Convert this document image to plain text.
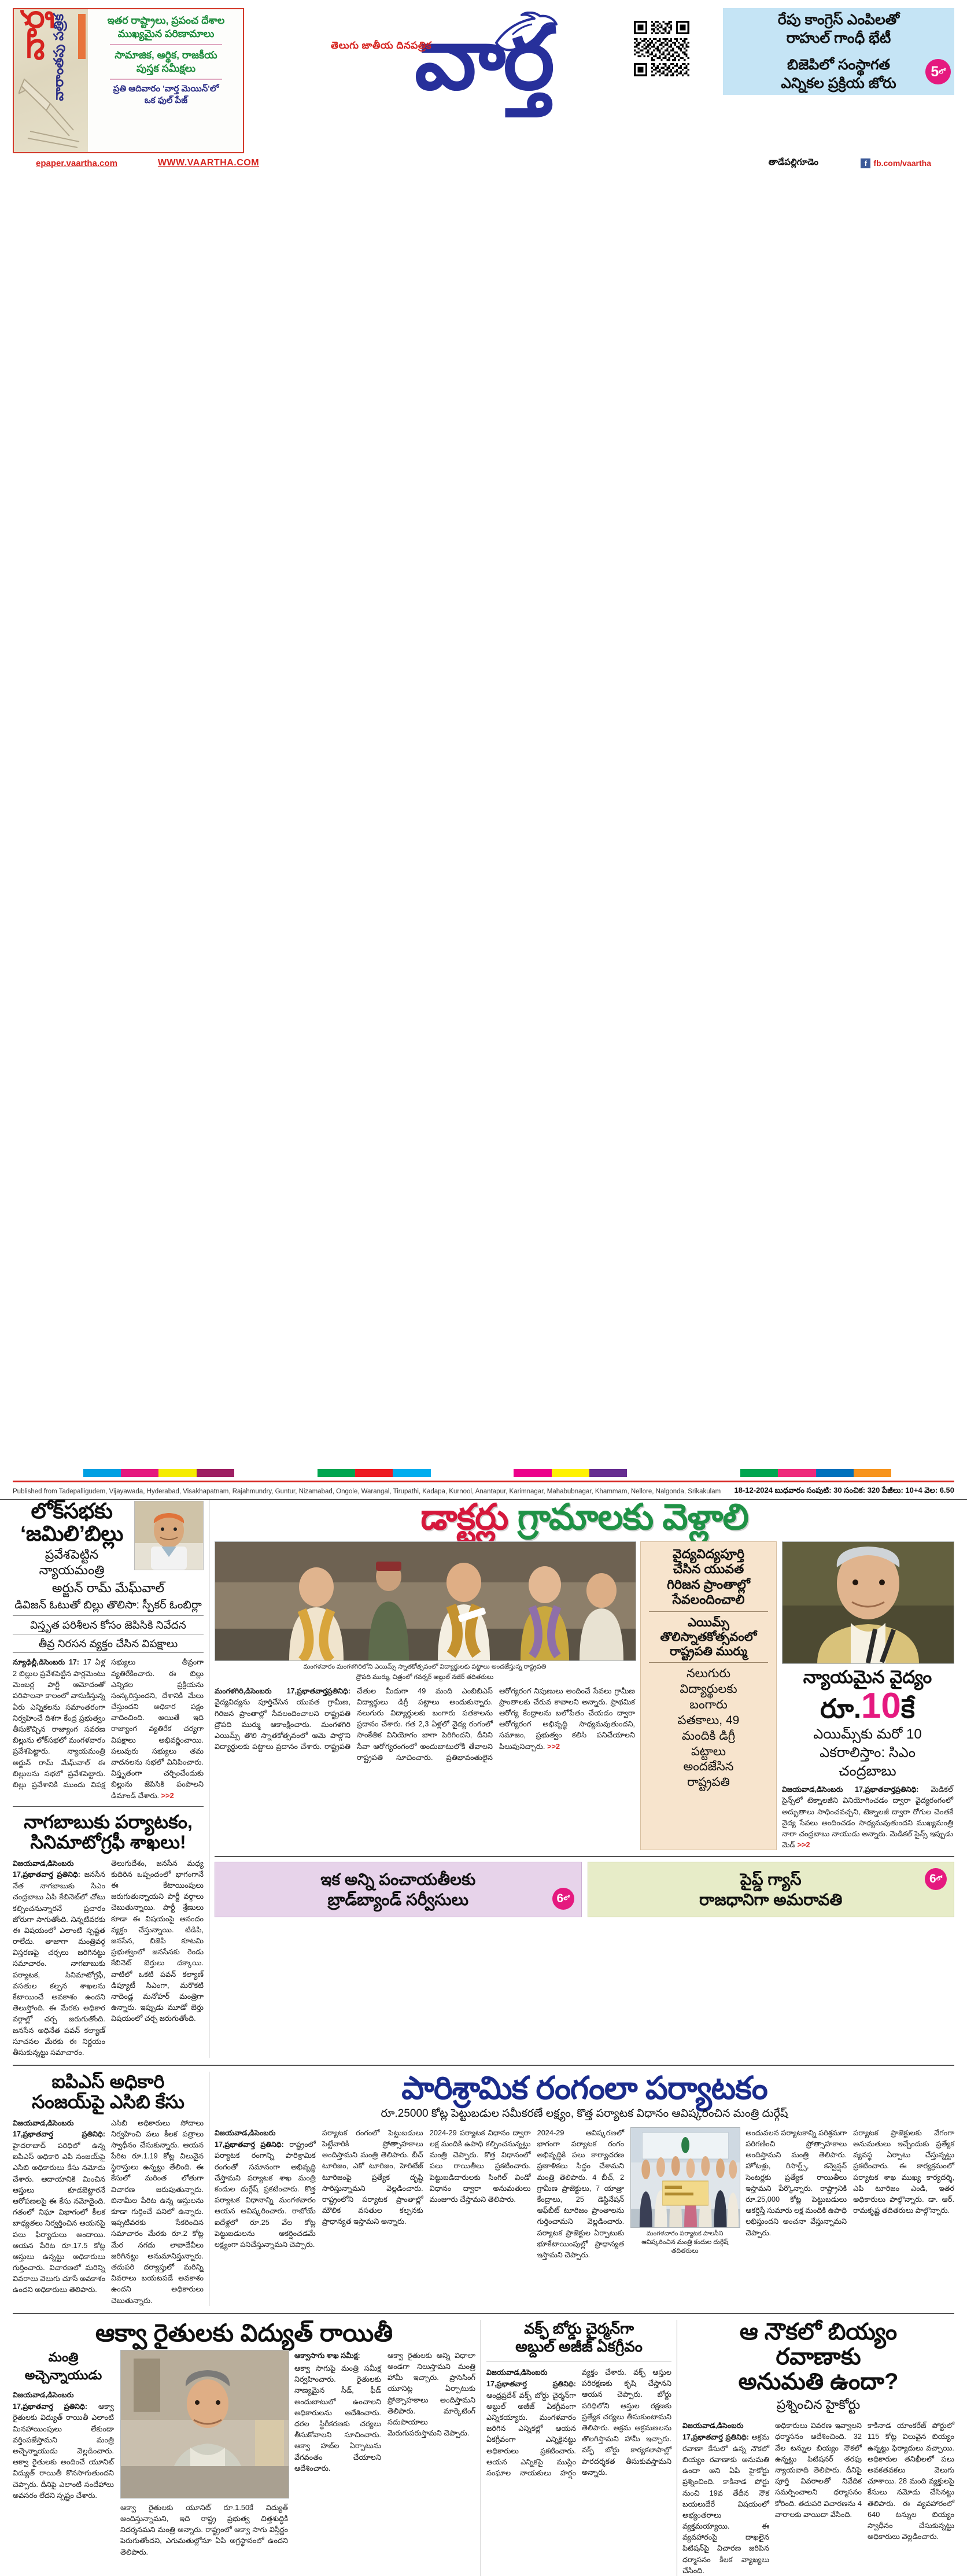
వార్త వారాంతపు పత్రిక	ఇతర రాష్ట్రాలు, ప్రపంచ దేశాల
ముఖ్యమైన పరిణామాలు
సామాజిక, ఆర్థిక, రాజకీయ
పుస్తక సమీక్షలు
ప్రతి ఆదివారం 'వార్త మెయిన్'లో
ఒక ఫుల్ పేజ్
తెలుగు జాతీయ దినపత్రిక
వార్త	రేపు కాంగ్రెస్ ఎంపిలతో
రాహుల్ గాంధీ భేటీ
బిజెపిలో సంస్థాగత
ఎన్నికల ప్రక్రియ జోరు
5 లో
epaper.vaartha.com	WWW.VAARTHA.COM	తాడేపల్లిగూడెం	f fb.com/vaartha
Published from Tadepalligudem, Vijayawada, Hyderabad, Visakhapatnam, Rajahmundry, Guntur, Nizamabad, Ongole, Warangal, Tirupathi, Kadapa, Kurnool, Anantapur, Karimnagar, Mahabubnagar, Khammam, Nellore, Nalgonda, Srikakulam 18-12-2024 బుధవారం సంపుటి: 30 సంచిక: 320 పేజీలు: 10+4 వెల: 6.50
లోక్‌సభకు
‘జమిలి’బిల్లు
ప్రవేశపెట్టిన న్యాయమంత్రి
అర్జున్ రామ్ మేఘ్‌వాల్
డివిజన్ ఓటుతో బిల్లు తొలిసా: స్పీకర్ ఓంబిర్లా
విస్తృత పరిశీలన కోసం జెపిసికి నివేదన
తీవ్ర నిరసన వ్యక్తం చేసిన విపక్షాలు
న్యూఢిల్లీ,డిసెంబరు 17: 17 ఏళ్ల 2 బిల్లుల ప్రవేశపెట్టిన పార్లమెంటు మెంబర్ల పార్టీ ఆమోదంతో పరిపాలనా కాలంలో వాసుకిస్తున్న ఏరు ఎన్నికలను సమాంతరంగా నిర్వహించే దిశగా కేంద్ర ప్రభుత్వం తీసుకొచ్చిన రాజ్యాంగ సవరణ బిల్లును లోక్‌సభలో మంగళవారం ప్రవేశపెట్టారు. న్యాయమంత్రి అర్జున్ రామ్ మేఘ్‌వాల్ ఈ బిల్లులను సభలో ప్రవేశపెట్టారు. బిల్లు ప్రవేశానికి ముందు విపక్ష సభ్యులు తీవ్రంగా వ్యతిరేకించారు. ఈ బిల్లు ఎన్నికల ప్రక్రియను సంస్కరిస్తుందని, దేశానికి మేలు చేస్తుందని అధికార పక్షం వాదించింది. అయితే ఇది రాజ్యాంగ వ్యతిరేక చర్యగా విపక్షాలు అభివర్ణించాయి. పలువురు సభ్యులు తమ వాదనలను సభలో వినిపించారు. విస్తృతంగా చర్చించేందుకు బిల్లును జెపిసికి పంపాలని డిమాండ్ చేశారు. >>2
నాగబాబుకు పర్యాటకం,
సినిమాటోగ్రఫీ శాఖలు!
విజయవాడ,డిసెంబరు 17,ప్రభాతవార్త ప్రతినిధి: జనసేన నేత నాగబాబుకు సిఎం చంద్రబాబు ఏపి కేబినెట్‌లో చోటు కల్పించనున్నారనే ప్రచారం జోరుగా సాగుతోంది. నిన్నటివరకు ఈ విషయంలో ఎలాంటి స్పష్టత రాలేదు. తాజాగా మంత్రివర్గ విస్తరణపై చర్చలు జరిగినట్టు సమాచారం. నాగబాబుకు పర్యాటక, సినిమాటోగ్రఫీ, వసతుల కల్పన శాఖలను కేటాయించే అవకాశం ఉందని తెలుస్తోంది. ఈ మేరకు అధికార వర్గాల్లో చర్చ జరుగుతోంది. జనసేన అధినేత పవన్ కల్యాణ్ సూచనల మేరకు ఈ నిర్ణయం తీసుకున్నట్టు సమాచారం.
తెలుగుదేశం, జనసేన మధ్య కుదిరిన ఒప్పందంలో భాగంగానే ఈ కేటాయింపులు జరుగుతున్నాయని పార్టీ వర్గాలు చెబుతున్నాయి. పార్టీ శ్రేణులు కూడా ఈ విషయంపై ఆనందం వ్యక్తం చేస్తున్నాయి. టిడిపి, జనసేన, బిజెపి కూటమి ప్రభుత్వంలో జనసేనకు రెండు కేబినెట్ బెర్తులు దక్కాయి. వాటిలో ఒకటి పవన్ కల్యాణ్ డిప్యూటీ సిఎంగా, మరొకటి నాదెండ్ల మనోహర్ మంత్రిగా ఉన్నారు. ఇప్పుడు మూడో బెర్తు విషయంలో చర్చ జరుగుతోంది.
డాక్టర్లు గ్రామాలకు వెళ్లాలి
మంగళవారం మంగళగిరిలోని ఎయిమ్స్ స్నాతకోత్సవంలో విద్యార్థులకు పట్టాలు అందజేస్తున్న రాష్ట్రపతి
ద్రౌపది ముర్ము, చిత్రంలో గవర్నర్ అబ్దుల్ నజీర్ తదితరులు
మంగళగిరి,డిసెంబరు 17,ప్రభాతవార్తప్రతినిధి: వైద్యవిద్యను పూర్తిచేసిన యువత గ్రామీణ, గిరిజన ప్రాంతాల్లో సేవలందించాలని రాష్ట్రపతి ద్రౌపది ముర్ము ఆకాంక్షించారు. మంగళగిరి ఎయిమ్స్ తొలి స్నాతకోత్సవంలో ఆమె పాల్గొని విద్యార్థులకు పట్టాలు ప్రదానం చేశారు. రాష్ట్రపతి చేతుల మీదుగా 49 మంది ఎంబిబిఎస్ విద్యార్థులు డిగ్రీ పట్టాలు అందుకున్నారు. నలుగురు విద్యార్థులకు బంగారు పతకాలను ప్రదానం చేశారు. గత 2,3 ఏళ్లలో వైద్య రంగంలో సాంకేతిక వినియోగం బాగా పెరిగిందని, దీనిని సేవా ఆరోగ్యరంగంలో అందుబాటులోకి తేవాలని రాష్ట్రపతి సూచించారు. ప్రతిభావంతులైన ఆరోగ్యరంగ నిపుణులు అందించే సేవలు గ్రామీణ ప్రాంతాలకు చేరువ కావాలని అన్నారు. ప్రాథమిక ఆరోగ్య కేంద్రాలను బలోపేతం చేయడం ద్వారా ఆరోగ్యరంగ అభివృద్ధి సాధ్యమవుతుందని, సమాజం, ప్రభుత్వం కలిసి పనిచేయాలని పిలుపునిచ్చారు. >>2
వైద్యవిద్యపూర్తి
చేసిన యువత
గిరిజన ప్రాంతాల్లో
సేవలందించాలి
ఎయిమ్స్
తొలిస్నాతకోత్సవంలో
రాష్ట్రపతి ముర్ము
నలుగురు
విద్యార్థులకు
బంగారు
పతకాలు, 49
మందికి డిగ్రీ
పట్టాలు
అందజేసిన
రాష్ట్రపతి
న్యాయమైన వైద్యం
రూ.10కే
ఎయిమ్స్‌కు మరో 10
ఎకరాలిస్తాం: సిఎం
చంద్రబాబు
విజయవాడ,డిసెంబరు 17,ప్రభాతవార్తప్రతినిధి: మెడికల్ సైన్స్‌లో టెక్నాలజీని వినియోగించడం ద్వారా వైద్యరంగంలో అద్భుతాలు సాధించవచ్చని, టెక్నాలజీ ద్వారా రోగుల చెంతకే వైద్య సేవలు అందించడం సాధ్యమవుతుందని ముఖ్యమంత్రి నారా చంద్రబాబు నాయుడు అన్నారు. మెడికల్ సైన్స్ ఇప్పుడు మెడ్ >>2
ఇక అన్ని పంచాయతీలకు
బ్రాడ్‌బ్యాండ్ సర్వీసులు	6 లో
పైప్డ్ గ్యాస్
రాజధానిగా అమరావతి
6 లో
ఐపిఎస్ అధికారి
సంజయ్‌పై ఎసిబి కేసు
విజయవాడ,డిసెంబరు 17,ప్రభాతవార్త ప్రతినిధి: హైదరాబాద్ పరిధిలో ఉన్న ఐపిఎస్ అధికారి ఎపి సంజయ్‌పై ఎసిబి అధికారులు కేసు నమోదు చేశారు. ఆదాయానికి మించిన ఆస్తులు కూడబెట్టారనే ఆరోపణలపై ఈ కేసు నమోదైంది. గతంలో నిఘా విభాగంలో కీలక బాధ్యతలు నిర్వర్తించిన ఆయనపై పలు ఫిర్యాదులు అందాయి. ఆయన పేరిట రూ.17.5 కోట్ల ఆస్తులు ఉన్నట్టు అధికారులు గుర్తించారు. విచారణలో మరిన్ని వివరాలు వెలుగు చూసే అవకాశం ఉందని అధికారులు తెలిపారు.
ఎసిబి అధికారులు సోదాలు నిర్వహించి పలు కీలక పత్రాలు స్వాధీనం చేసుకున్నారు. ఆయన పేరిట రూ.1.19 కోట్ల విలువైన స్థిరాస్తులు ఉన్నట్టు తేలింది. ఈ కేసులో మరింత లోతుగా విచారణ జరుపుతున్నారు. బినామీల పేరిట ఉన్న ఆస్తులను కూడా గుర్తించే పనిలో ఉన్నారు. ఇప్పటివరకు సేకరించిన సమాచారం మేరకు రూ.2 కోట్ల మేర నగదు లావాదేవీలు జరిగినట్టు అనుమానిస్తున్నారు. తదుపరి దర్యాప్తులో మరిన్ని వివరాలు బయటపడే అవకాశం ఉందని అధికారులు చెబుతున్నారు.
పారిశ్రామిక రంగంలా పర్యాటకం
రూ.25000 కోట్ల పెట్టుబడుల సమీకరణే లక్ష్యం, కొత్త పర్యాటక విధానం ఆవిష్కరించిన మంత్రి దుర్గేష్
విజయవాడ,డిసెంబరు 17,ప్రభాతవార్త ప్రతినిధి: రాష్ట్రంలో పర్యాటక రంగాన్ని పారిశ్రామిక రంగంతో సమానంగా అభివృద్ధి చేస్తామని పర్యాటక శాఖ మంత్రి కందుల దుర్గేష్ ప్రకటించారు. కొత్త పర్యాటక విధానాన్ని మంగళవారం ఆయన ఆవిష్కరించారు. రాబోయే ఐదేళ్లలో రూ.25 వేల కోట్ల పెట్టుబడులను ఆకర్షించడమే లక్ష్యంగా పనిచేస్తున్నామని చెప్పారు.
పర్యాటక రంగంలో పెట్టుబడులు పెట్టేవారికి ప్రోత్సాహకాలు అందిస్తామని మంత్రి తెలిపారు. బీచ్ టూరిజం, ఎకో టూరిజం, హెరిటేజ్ టూరిజంపై ప్రత్యేక దృష్టి సారిస్తున్నామని వెల్లడించారు. రాష్ట్రంలోని పర్యాటక ప్రాంతాల్లో మౌలిక వసతుల కల్పనకు ప్రాధాన్యత ఇస్తామని అన్నారు.
2024-29 పర్యాటక విధానం ద్వారా లక్ష మందికి ఉపాధి కల్పించనున్నట్టు మంత్రి చెప్పారు. కొత్త విధానంలో పలు రాయితీలు ప్రకటించారు. పెట్టుబడిదారులకు సింగిల్ విండో విధానం ద్వారా అనుమతులు మంజూరు చేస్తామని తెలిపారు.
2024-29 ఆవిష్కరణలో భాగంగా పర్యాటక రంగం అభివృద్ధికి పలు కార్యాచరణ ప్రణాళికలు సిద్ధం చేశామని మంత్రి తెలిపారు. 4 బీచ్, 2 గ్రామీణ ప్రాజెక్టులు, 7 యాత్రా కేంద్రాలు, 25 డెస్టినేషన్ ఆఫ్‌బీట్ టూరిజం ప్రాంతాలను గుర్తించామని వెల్లడించారు. పర్యాటక ప్రాజెక్టుల ఏర్పాటుకు భూకేటాయింపుల్లో ప్రాధాన్యత ఇస్తామని చెప్పారు.
మంగళవారం పర్యాటక పాలసీని ఆవిష్కరించిన మంత్రి కందుల దుర్గేష్ తదితరులు
అందువలన పర్యాటకాన్ని పరిశ్రమగా పరిగణించి ప్రోత్సాహకాలు అందిస్తామని మంత్రి తెలిపారు. హోటళ్లు, రిసార్ట్స్, కన్వెన్షన్ సెంటర్లకు ప్రత్యేక రాయితీలు ఇస్తామని పేర్కొన్నారు. రాష్ట్రానికి రూ.25,000 కోట్ల పెట్టుబడులు ఆకర్షిస్తే సుమారు లక్ష మందికి ఉపాధి లభిస్తుందని అంచనా వేస్తున్నామని చెప్పారు.
పర్యాటక ప్రాజెక్టులకు వేగంగా అనుమతులు ఇచ్చేందుకు ప్రత్యేక వ్యవస్థ ఏర్పాటు చేస్తున్నట్టు ప్రకటించారు. ఈ కార్యక్రమంలో పర్యాటక శాఖ ముఖ్య కార్యదర్శి, ఎపి టూరిజం ఎండి, ఇతర అధికారులు పాల్గొన్నారు. డా. ఆర్. రామకృష్ణ తదితరులు పాల్గొన్నారు.
ఆక్వా రైతులకు విద్యుత్ రాయితీ
మంత్రి అచ్చెన్నాయుడు
విజయవాడ,డిసెంబరు 17,ప్రభాతవార్త ప్రతినిధి: ఆక్వా రైతులకు విద్యుత్ రాయితీ ఎలాంటి మినహాయింపులు లేకుండా వర్తింపజేస్తామని మంత్రి అచ్చెన్నాయుడు వెల్లడించారు. ఆక్వా రైతులకు అందించే యూనిట్ విద్యుత్ రాయితీ కొనసాగుతుందని చెప్పారు. దీనిపై ఎలాంటి సందేహాలు అవసరం లేదని స్పష్టం చేశారు.
ఆక్వా రైతులకు యూనిట్ రూ.1.50కే విద్యుత్ అందిస్తున్నామని, ఇది రాష్ట్ర ప్రభుత్వ చిత్తశుద్ధికి నిదర్శనమని మంత్రి అన్నారు. రాష్ట్రంలో ఆక్వా సాగు విస్తీర్ణం పెరుగుతోందని, ఎగుమతుల్లోనూ ఏపి అగ్రస్థానంలో ఉందని తెలిపారు.
ఆక్వాసాగు శాఖ సమీక్ష:
ఆక్వా సాగుపై మంత్రి సమీక్ష నిర్వహించారు. రైతులకు నాణ్యమైన సీడ్, ఫీడ్ అందుబాటులో ఉంచాలని అధికారులను ఆదేశించారు. ధరల స్థిరీకరణకు చర్యలు తీసుకోవాలని సూచించారు. ఆక్వా హబ్‌ల ఏర్పాటును వేగవంతం చేయాలని ఆదేశించారు.
ఆక్వా రైతులకు అన్ని విధాలా అండగా నిలుస్తామని మంత్రి హామీ ఇచ్చారు. ప్రాసెసింగ్ యూనిట్ల ఏర్పాటుకు ప్రోత్సాహకాలు అందిస్తామని తెలిపారు. మార్కెటింగ్ సదుపాయాలు మెరుగుపరుస్తామని చెప్పారు.
వక్ఫ్ బోర్డు చైర్మన్‌గా
అబ్దుల్ అజీజ్ ఏకగ్రీవం
విజయవాడ,డిసెంబరు 17,ప్రభాతవార్త ప్రతినిధి: ఆంధ్రప్రదేశ్ వక్ఫ్ బోర్డు చైర్మన్‌గా అబ్దుల్ అజీజ్ ఏకగ్రీవంగా ఎన్నికయ్యారు. మంగళవారం జరిగిన ఎన్నికల్లో ఆయన ఏకగ్రీవంగా ఎన్నికైనట్టు అధికారులు ప్రకటించారు. ఆయన ఎన్నికపై ముస్లిం సంఘాల నాయకులు హర్షం వ్యక్తం చేశారు. వక్ఫ్ ఆస్తుల పరిరక్షణకు కృషి చేస్తానని ఆయన చెప్పారు. బోర్డు పరిధిలోని ఆస్తుల రక్షణకు ప్రత్యేక చర్యలు తీసుకుంటామని తెలిపారు. అక్రమ ఆక్రమణలను తొలగిస్తామని హామీ ఇచ్చారు. వక్ఫ్ బోర్డు కార్యకలాపాల్లో పారదర్శకత తీసుకువస్తామని అన్నారు.
ఆ నౌకలో బియ్యం
రవాణాకు
అనుమతి ఉందా?
ప్రశ్నించిన హైకోర్టు
విజయవాడ,డిసెంబరు 17,ప్రభాతవార్త ప్రతినిధి: అక్రమ రవాణా కేసులో ఉన్న నౌకలో బియ్యం రవాణాకు అనుమతి ఉందా అని ఏపి హైకోర్టు ప్రశ్నించింది. కాకినాడ పోర్టు నుంచి 19వ తేదీన నౌక బయలుదేరే విషయంలో అభ్యంతరాలు వ్యక్తమయ్యాయి. ఈ వ్యవహారంపై దాఖలైన పిటిషన్‌పై విచారణ జరిపిన ధర్మాసనం కీలక వ్యాఖ్యలు చేసింది.
అధికారులు వివరణ ఇవ్వాలని ధర్మాసనం ఆదేశించింది. 32 వేల టన్నుల బియ్యం నౌకలో ఉన్నట్టు పిటిషనర్ తరఫు న్యాయవాది తెలిపారు. దీనిపై పూర్తి వివరాలతో నివేదిక సమర్పించాలని ధర్మాసనం కోరింది. తదుపరి విచారణను 4 వారాలకు వాయిదా వేసింది.
కాకినాడ యాంకరేజ్ పోర్టులో 115 కోట్ల విలువైన బియ్యం ఉన్నట్టు ఫిర్యాదులు వచ్చాయి. అధికారుల తనిఖీలలో పలు అవకతవకలు వెలుగు చూశాయి. 28 మంది వ్యక్తులపై కేసులు నమోదు చేసినట్టు తెలిపారు. ఈ వ్యవహారంలో 640 టన్నుల బియ్యం స్వాధీనం చేసుకున్నట్టు అధికారులు వెల్లడించారు.
